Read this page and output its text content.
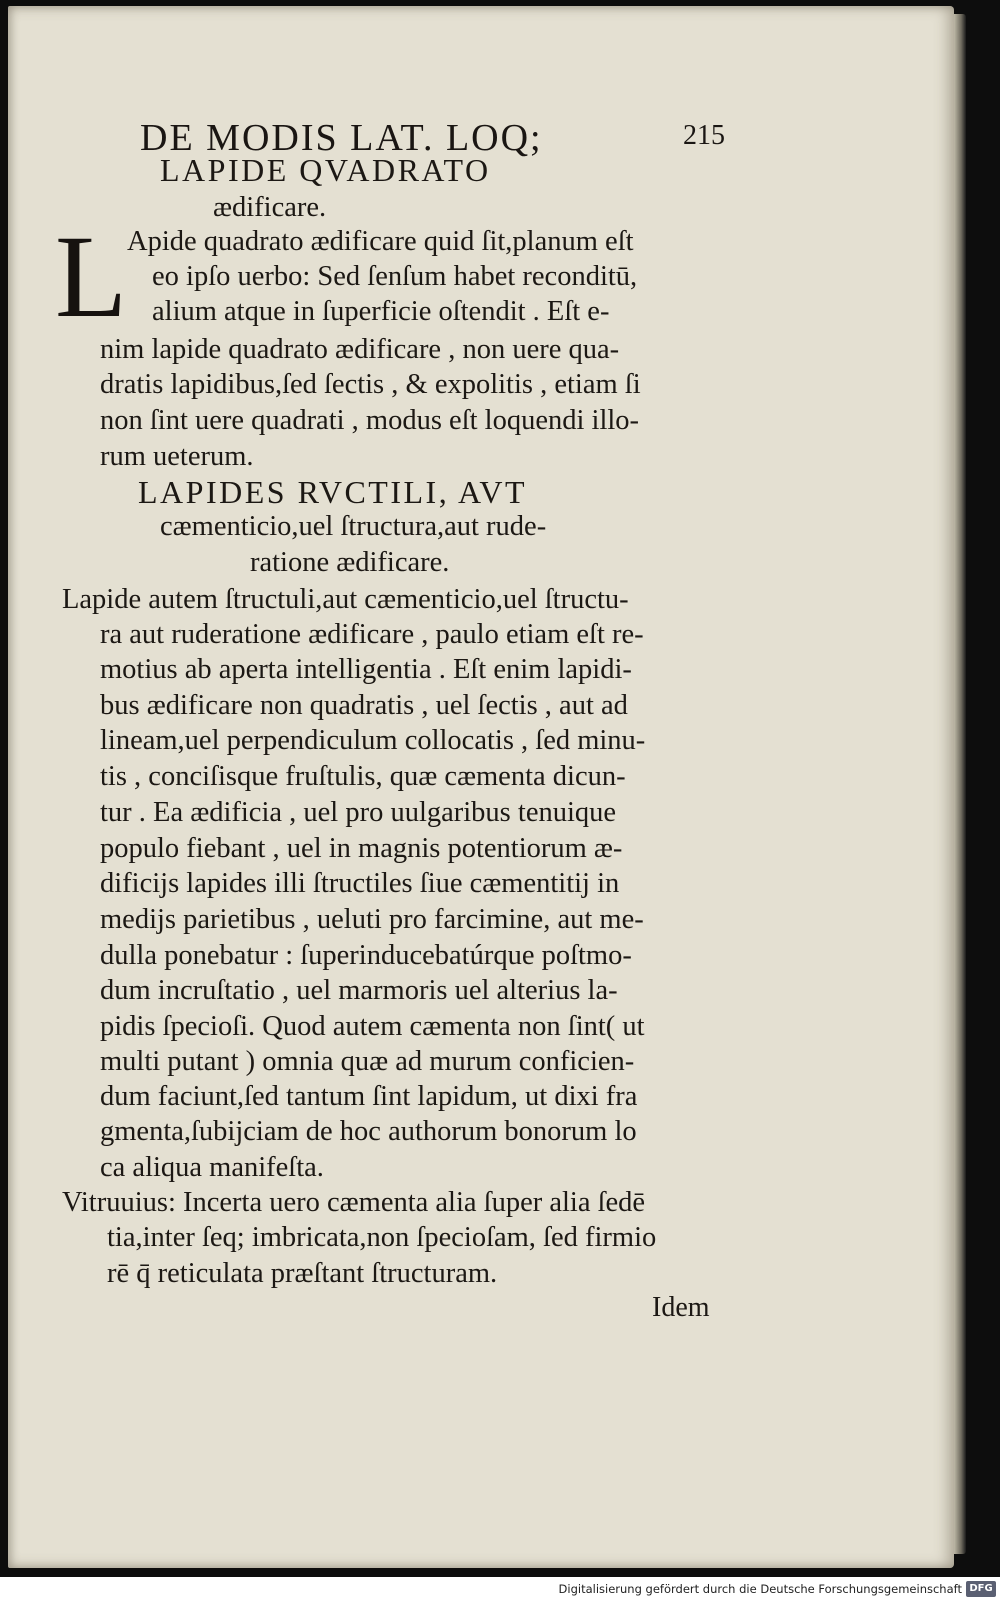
DE MODIS LAT. LOQ;	215
LAPIDE QVADRATO
ædificare.
L Apide quadrato ædificare quid ſit,planum eſt
eo ipſo uerbo: Sed ſenſum habet reconditū,
alium atque in ſuperficie oſtendit . Eſt e-
nim lapide quadrato ædificare , non uere qua-
dratis lapidibus,ſed ſectis , & expolitis , etiam ſi
non ſint uere quadrati , modus eſt loquendi illo-
rum ueterum.
LAPIDES RVCTILI, AVT
cæmenticio,uel ſtructura,aut rude-
ratione ædificare.
Lapide autem ſtructuli,aut cæmenticio,uel ſtructu-
ra aut ruderatione ædificare , paulo etiam eſt re-
motius ab aperta intelligentia . Eſt enim lapidi-
bus ædificare non quadratis , uel ſectis , aut ad
lineam,uel perpendiculum collocatis , ſed minu-
tis , conciſisque fruſtulis, quæ cæmenta dicun-
tur . Ea ædificia , uel pro uulgaribus tenuique
populo fiebant , uel in magnis potentiorum æ-
dificijs lapides illi ſtructiles ſiue cæmentitij in
medijs parietibus , ueluti pro farcimine, aut me-
dulla ponebatur : ſuperinducebatúrque poſtmo-
dum incruſtatio , uel marmoris uel alterius la-
pidis ſpecioſi. Quod autem cæmenta non ſint( ut
multi putant ) omnia quæ ad murum conficien-
dum faciunt,ſed tantum ſint lapidum, ut dixi fra
gmenta,ſubijciam de hoc authorum bonorum lo
ca aliqua manifeſta.
Vitruuius: Incerta uero cæmenta alia ſuper alia ſedē
tia,inter ſeq; imbricata,non ſpecioſam, ſed firmio
rē q̄ reticulata præſtant ſtructuram.
Idem
Digitalisierung gefördert durch die Deutsche Forschungsgemeinschaft DFG
